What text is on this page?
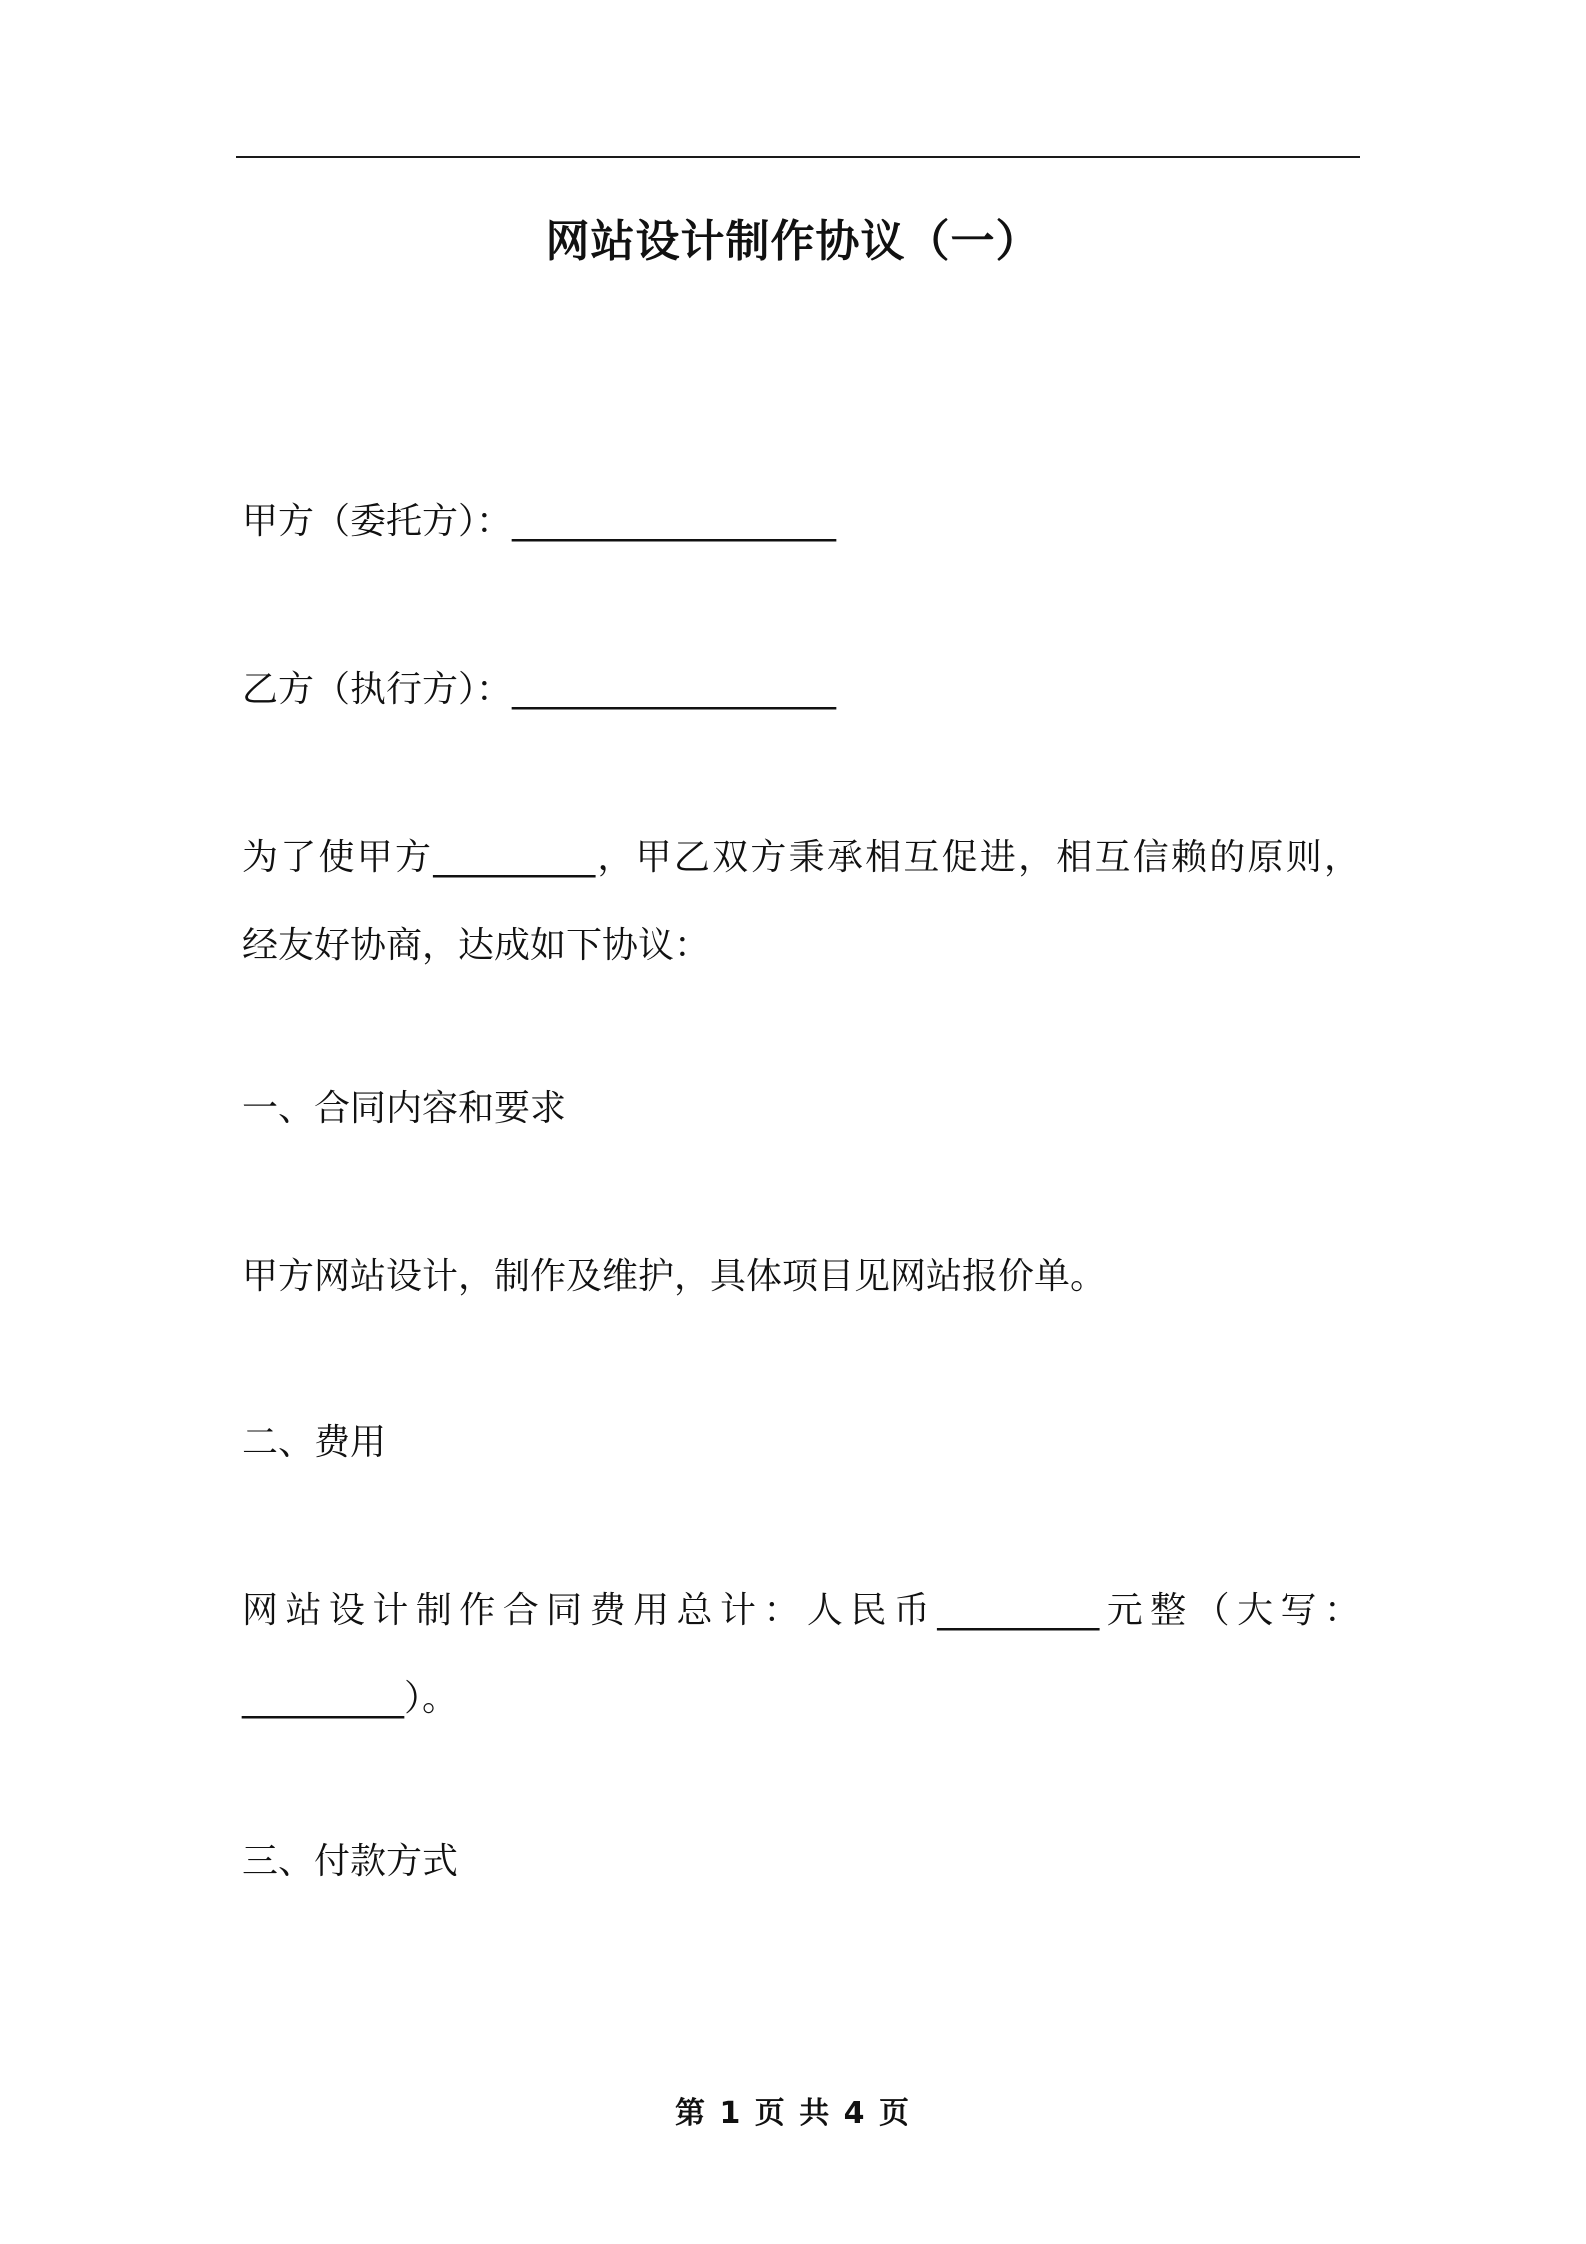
网站设计制作协议（一）
甲方（委托方）：__________________
乙方（执行方）：__________________
为了使甲方_________，甲乙双方秉承相互促进，相互信赖的原则，
经友好协商，达成如下协议：
一、合同内容和要求
甲方网站设计，制作及维护，具体项目见网站报价单。
二、费用
网站设计制作合同费用总计：人民币_________元整（大写：
_________）。
三、付款方式
第 1 页 共 4 页
